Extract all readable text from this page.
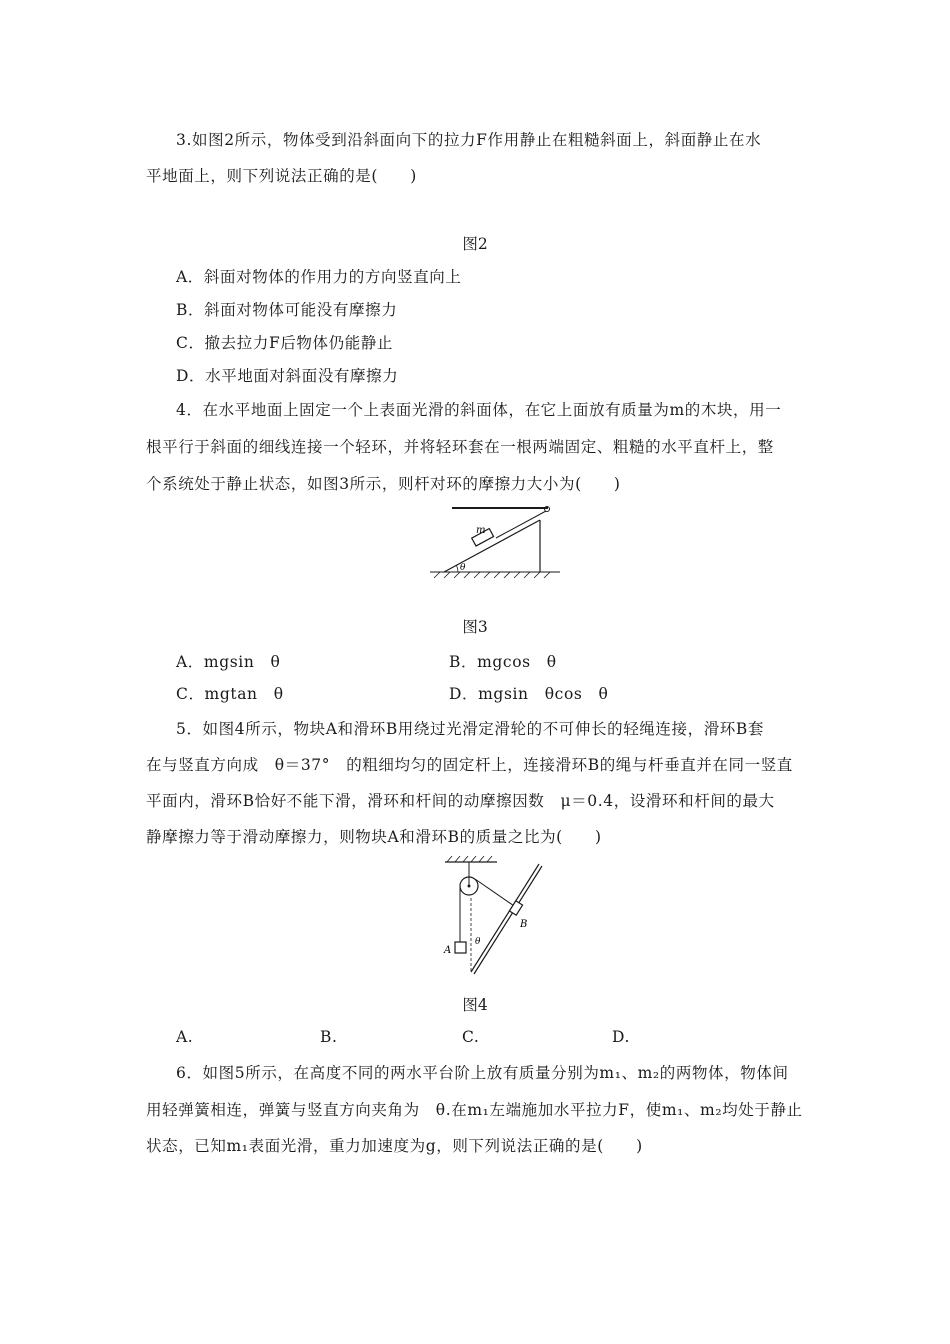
3.如图2所示，物体受到沿斜面向下的拉力F作用静止在粗糙斜面上，斜面静止在水
平地面上，则下列说法正确的是(　　)
图2
A．斜面对物体的作用力的方向竖直向上
B．斜面对物体可能没有摩擦力
C．撤去拉力F后物体仍能静止
D．水平地面对斜面没有摩擦力
4．在水平地面上固定一个上表面光滑的斜面体，在它上面放有质量为m的木块，用一
根平行于斜面的细线连接一个轻环，并将轻环套在一根两端固定、粗糙的水平直杆上，整
个系统处于静止状态，如图3所示，则杆对环的摩擦力大小为(　　)
m
θ
图3
A．mgsin　θ	B．mgcos　θ
C．mgtan　θ	D．mgsin　θcos　θ
5．如图4所示，物块A和滑环B用绕过光滑定滑轮的不可伸长的轻绳连接，滑环B套
在与竖直方向成　θ＝37°　的粗细均匀的固定杆上，连接滑环B的绳与杆垂直并在同一竖直
平面内，滑环B恰好不能下滑，滑环和杆间的动摩擦因数　μ＝0.4，设滑环和杆间的最大
静摩擦力等于滑动摩擦力，则物块A和滑环B的质量之比为(　　)
A
B
θ
图4
A.	B.	C.	D.
6．如图5所示，在高度不同的两水平台阶上放有质量分别为m₁、m₂的两物体，物体间
用轻弹簧相连，弹簧与竖直方向夹角为　θ.在m₁左端施加水平拉力F，使m₁、m₂均处于静止
状态，已知m₁表面光滑，重力加速度为g，则下列说法正确的是(　　)
